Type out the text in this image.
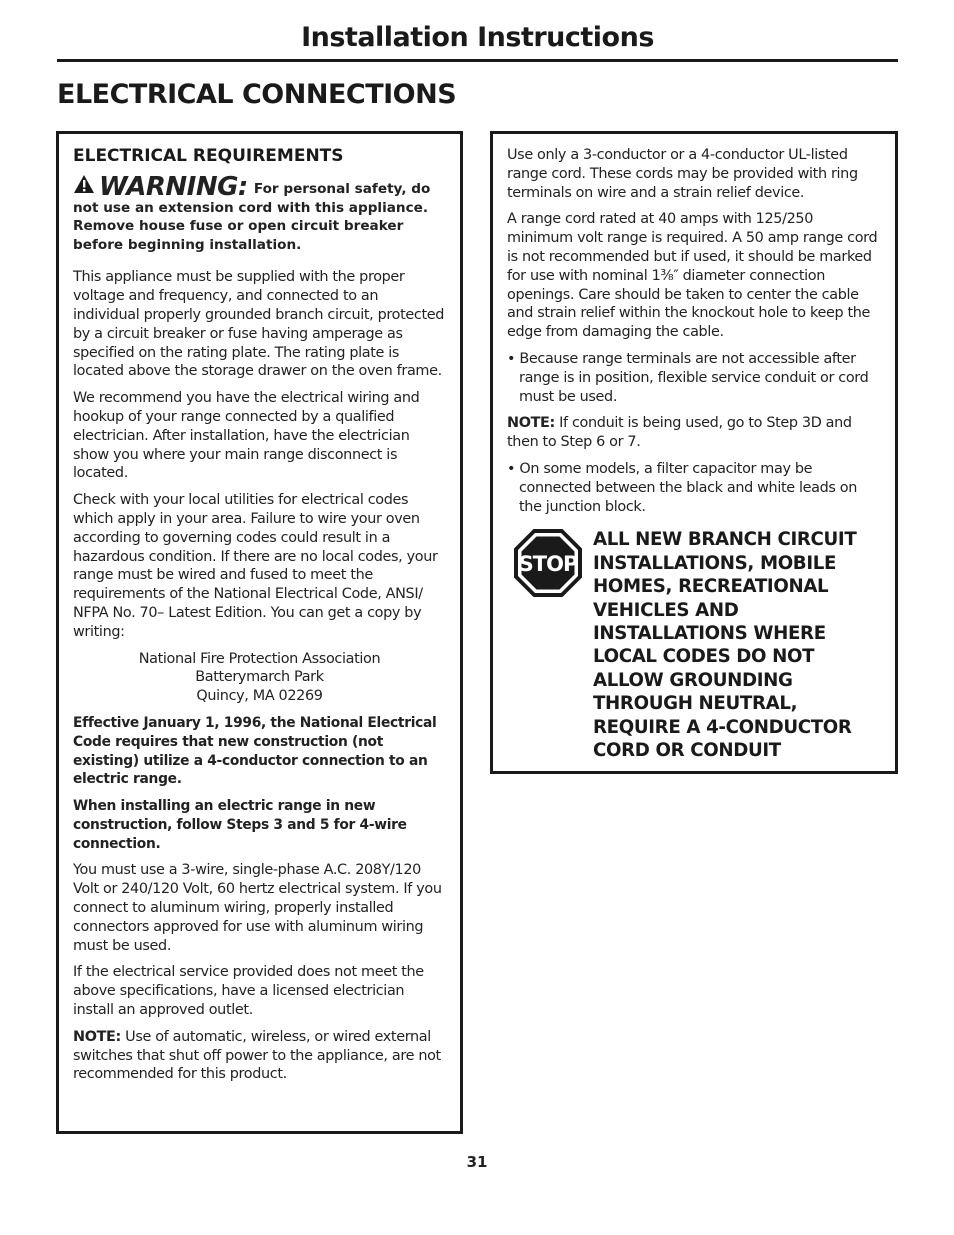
Installation Instructions
ELECTRICAL CONNECTIONS
ELECTRICAL REQUIREMENTS
WARNING: For personal safety, do not use an extension cord with this appliance. Remove house fuse or open circuit breaker before beginning installation.

This appliance must be supplied with the proper voltage and frequency, and connected to an individual properly grounded branch circuit, protected by a circuit breaker or fuse having amperage as specified on the rating plate. The rating plate is located above the storage drawer on the oven frame.

We recommend you have the electrical wiring and hookup of your range connected by a qualified electrician. After installation, have the electrician show you where your main range disconnect is located.

Check with your local utilities for electrical codes which apply in your area. Failure to wire your oven according to governing codes could result in a hazardous condition. If there are no local codes, your range must be wired and fused to meet the requirements of the National Electrical Code, ANSI/ NFPA No. 70– Latest Edition. You can get a copy by writing:

National Fire Protection Association
Batterymarch Park
Quincy, MA 02269

Effective January 1, 1996, the National Electrical Code requires that new construction (not existing) utilize a 4-conductor connection to an electric range.

When installing an electric range in new construction, follow Steps 3 and 5 for 4-wire connection.

You must use a 3-wire, single-phase A.C. 208Y/120 Volt or 240/120 Volt, 60 hertz electrical system. If you connect to aluminum wiring, properly installed connectors approved for use with aluminum wiring must be used.

If the electrical service provided does not meet the above specifications, have a licensed electrician install an approved outlet.

NOTE: Use of automatic, wireless, or wired external switches that shut off power to the appliance, are not recommended for this product.

Use only a 3-conductor or a 4-conductor UL-listed range cord. These cords may be provided with ring terminals on wire and a strain relief device.

A range cord rated at 40 amps with 125/250 minimum volt range is required. A 50 amp range cord is not recommended but if used, it should be marked for use with nominal 1³⁄₈″ diameter connection openings. Care should be taken to center the cable and strain relief within the knockout hole to keep the edge from damaging the cable.

• Because range terminals are not accessible after range is in position, flexible service conduit or cord must be used.

NOTE: If conduit is being used, go to Step 3D and then to Step 6 or 7.

• On some models, a filter capacitor may be connected between the black and white leads on the junction block.

STOP
ALL NEW BRANCH CIRCUIT INSTALLATIONS, MOBILE HOMES, RECREATIONAL VEHICLES AND INSTALLATIONS WHERE LOCAL CODES DO NOT ALLOW GROUNDING THROUGH NEUTRAL, REQUIRE A 4-CONDUCTOR CORD OR CONDUIT
31
